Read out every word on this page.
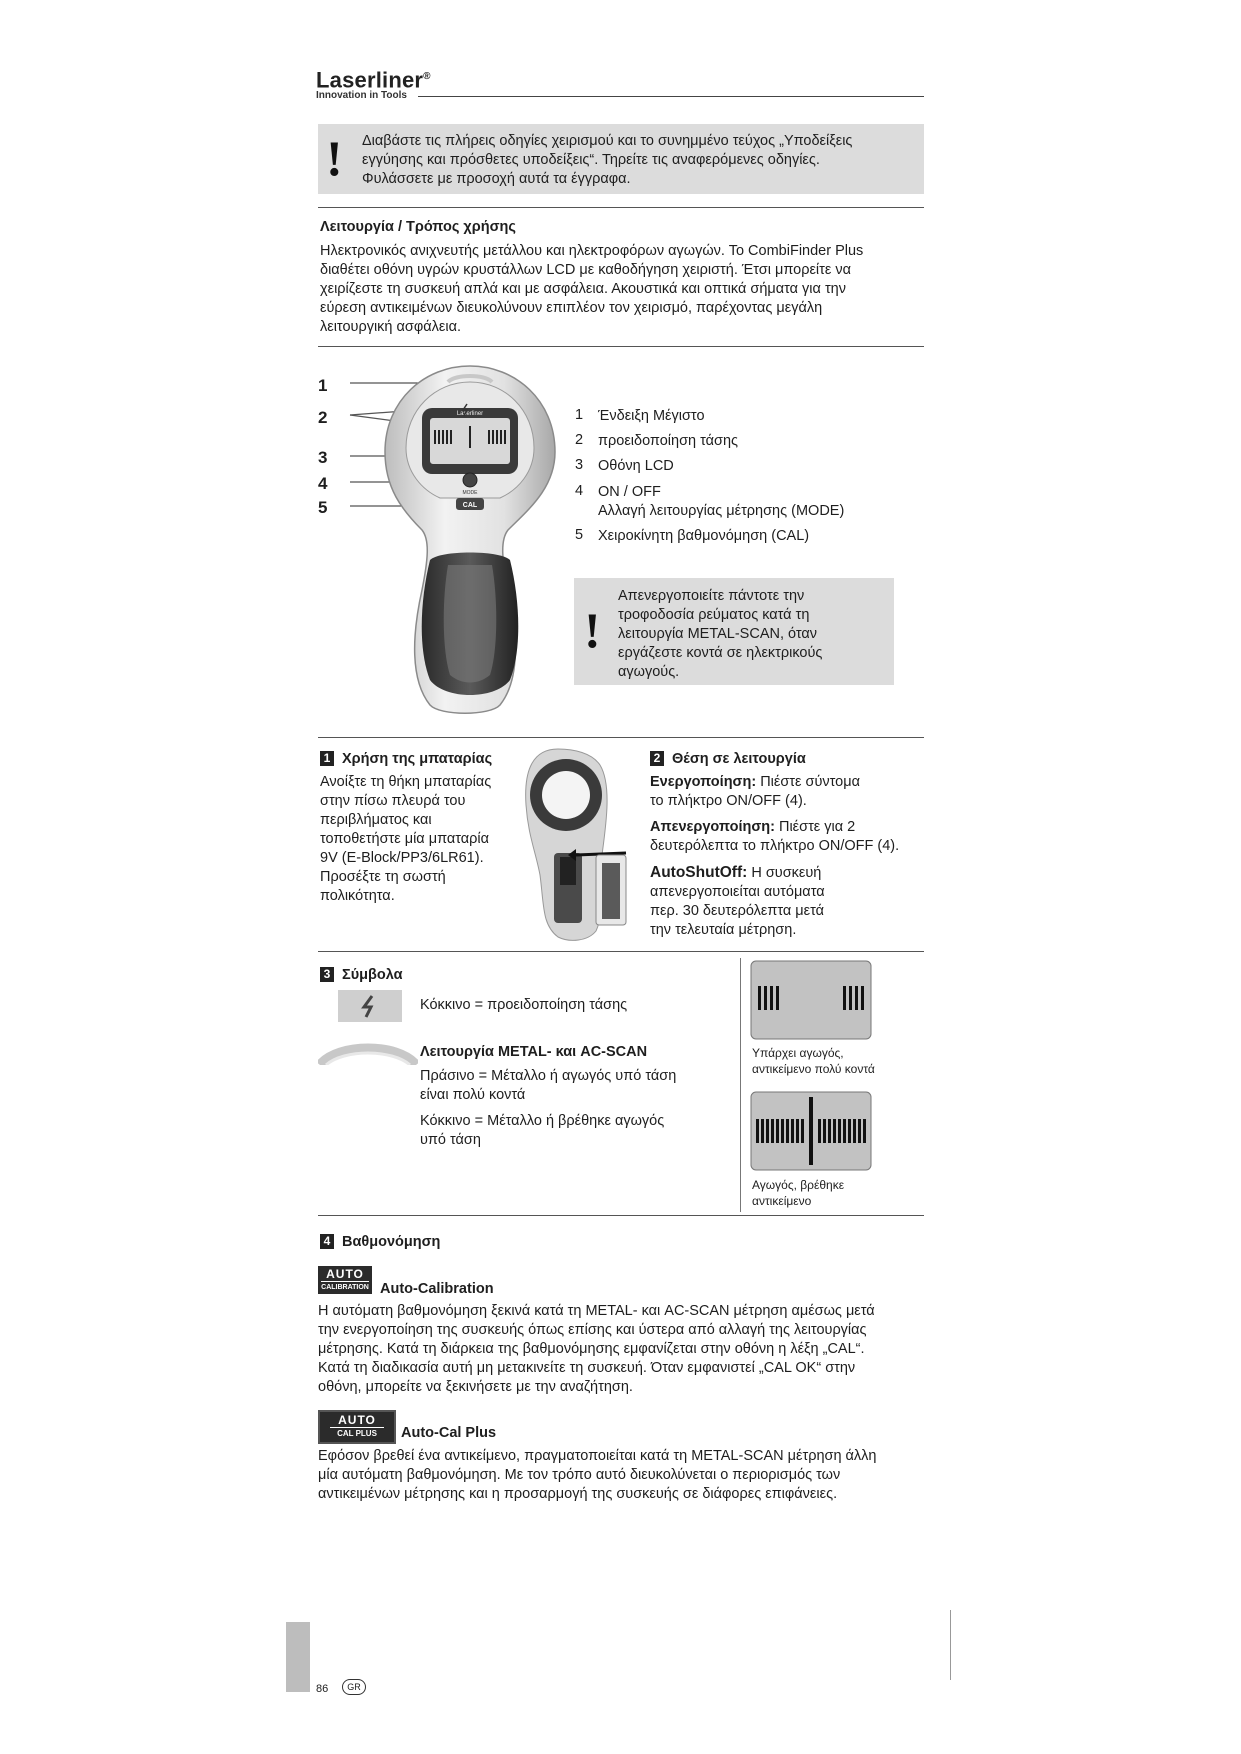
Laserliner®
Innovation in Tools
! Διαβάστε τις πλήρεις οδηγίες χειρισμού και το συνημμένο τεύχος „Υποδείξεις
εγγύησης και πρόσθετες υποδείξεις“. Τηρείτε τις αναφερόμενες οδηγίες.
Φυλάσσετε με προσοχή αυτά τα έγγραφα.
Λειτουργία / Τρόπος χρήσης
Ηλεκτρονικός ανιχνευτής μετάλλου και ηλεκτροφόρων αγωγών. Το CombiFinder Plus
διαθέτει οθόνη υγρών κρυστάλλων LCD με καθοδήγηση χειριστή. Έτσι μπορείτε να
χειρίζεστε τη συσκευή απλά και με ασφάλεια. Ακουστικά και οπτικά σήματα για την
εύρεση αντικειμένων διευκολύνουν επιπλέον τον χειρισμό, παρέχοντας μεγάλη
λειτουργική ασφάλεια.
1
2
3
4
5
Laserliner
MODE
CAL
1	Ένδειξη Μέγιστο
2	προειδοποίηση τάσης
3	Οθόνη LCD
4	ON / OFF
Αλλαγή λειτουργίας μέτρησης (MODE)
5	Χειροκίνητη βαθμονόμηση (CAL)
!
Απενεργοποιείτε πάντοτε την
τροφοδοσία ρεύματος κατά τη
λειτουργία METAL-SCAN, όταν
εργάζεστε κοντά σε ηλεκτρικούς
αγωγούς.
1 Χρήση της μπαταρίας
Ανοίξτε τη θήκη μπαταρίας
στην πίσω πλευρά του
περιβλήματος και
τοποθετήστε μία μπαταρία
9V (E-Block/PP3/6LR61).
Προσέξτε τη σωστή
πολικότητα.
2 Θέση σε λειτουργία
Ενεργοποίηση: Πιέστε σύντομα
το πλήκτρο ON/OFF (4).
Απενεργοποίηση: Πιέστε για 2
δευτερόλεπτα το πλήκτρο ON/OFF (4).
AutoShutOff: Η συσκευή
απενεργοποιείται αυτόματα
περ. 30 δευτερόλεπτα μετά
την τελευταία μέτρηση.
3 Σύμβολα
Κόκκινο = προειδοποίηση τάσης
Λειτουργία METAL- και AC-SCAN
Πράσινο = Μέταλλο ή αγωγός υπό τάση
είναι πολύ κοντά
Κόκκινο = Μέταλλο ή βρέθηκε αγωγός
υπό τάση
Υπάρχει αγωγός,
αντικείμενο πολύ κοντά
Αγωγός, βρέθηκε
αντικείμενο
4 Βαθμονόμηση
AUTO
CALIBRATION Auto-Calibration
Η αυτόματη βαθμονόμηση ξεκινά κατά τη METAL- και AC-SCAN μέτρηση αμέσως μετά
την ενεργοποίηση της συσκευής όπως επίσης και ύστερα από αλλαγή της λειτουργίας
μέτρησης. Κατά τη διάρκεια της βαθμονόμησης εμφανίζεται στην οθόνη η λέξη „CAL“.
Κατά τη διαδικασία αυτή μη μετακινείτε τη συσκευή. Όταν εμφανιστεί „CAL OK“ στην
οθόνη, μπορείτε να ξεκινήσετε με την αναζήτηση.
AUTO
CAL PLUS	Auto-Cal Plus
Εφόσον βρεθεί ένα αντικείμενο, πραγματοποιείται κατά τη METAL-SCAN μέτρηση άλλη
μία αυτόματη βαθμονόμηση. Με τον τρόπο αυτό διευκολύνεται ο περιορισμός των
αντικειμένων μέτρησης και η προσαρμογή της συσκευής σε διάφορες επιφάνειες.
86	GR
